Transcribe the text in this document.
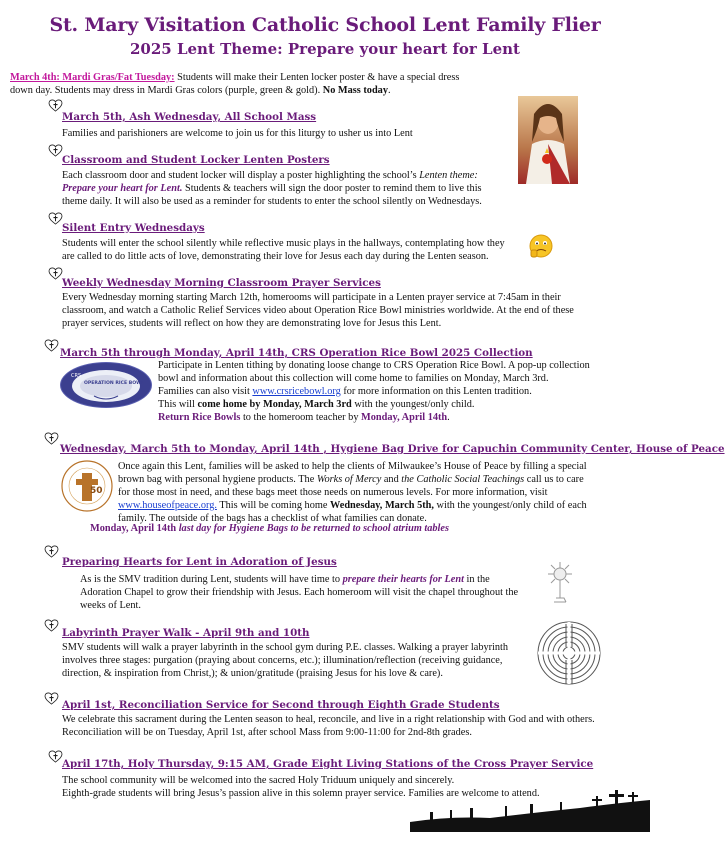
St. Mary Visitation Catholic School Lent Family Flier
2025 Lent Theme: Prepare your heart for Lent
March 4th: Mardi Gras/Fat Tuesday: Students will make their Lenten locker poster & have a special dress
down day. Students may dress in Mardi Gras colors (purple, green & gold). No Mass today.
March 5th, Ash Wednesday, All School Mass
Families and parishioners are welcome to join us for this liturgy to usher us into Lent
Classroom and Student Locker Lenten Posters
Each classroom door and student locker will display a poster highlighting the school’s Lenten theme:
Prepare your heart for Lent. Students & teachers will sign the door poster to remind them to live this
theme daily. It will also be used as a reminder for students to enter the school silently on Wednesdays.
Silent Entry Wednesdays
Students will enter the school silently while reflective music plays in the hallways, contemplating how they
are called to do little acts of love, demonstrating their love for Jesus each day during the Lenten season.
Weekly Wednesday Morning Classroom Prayer Services
Every Wednesday morning starting March 12th, homerooms will participate in a Lenten prayer service at 7:45am in their
classroom, and watch a Catholic Relief Services video about Operation Rice Bowl ministries worldwide. At the end of these
prayer services, students will reflect on how they are demonstrating love for Jesus this Lent.
March 5th through Monday, April 14th, CRS Operation Rice Bowl 2025 Collection
CRS
OPERATION RICE BOWL
Participate in Lenten tithing by donating loose change to CRS Operation Rice Bowl. A pop-up collection
bowl and information about this collection will come home to families on Monday, March 3rd.
Families can also visit www.crsricebowl.org for more information on this Lenten tradition.
This will come home by Monday, March 3rd with the youngest/only child.
Return Rice Bowls to the homeroom teacher by Monday, April 14th.
Wednesday, March 5th to Monday, April 14th , Hygiene Bag Drive for Capuchin Community Center, House of Peace
50
Once again this Lent, families will be asked to help the clients of Milwaukee’s House of Peace by filling a special
brown bag with personal hygiene products. The Works of Mercy and the Catholic Social Teachings call us to care
for those most in need, and these bags meet those needs on numerous levels. For more information, visit
www.houseofpeace.org. This will be coming home Wednesday, March 5th, with the youngest/only child of each
family. The outside of the bags has a checklist of what families can donate.
Monday, April 14th last day for Hygiene Bags to be returned to school atrium tables
Preparing Hearts for Lent in Adoration of Jesus
As is the SMV tradition during Lent, students will have time to prepare their hearts for Lent in the
Adoration Chapel to grow their friendship with Jesus. Each homeroom will visit the chapel throughout the
weeks of Lent.
Labyrinth Prayer Walk - April 9th and 10th
SMV students will walk a prayer labyrinth in the school gym during P.E. classes. Walking a prayer labyrinth
involves three stages: purgation (praying about concerns, etc.); illumination/reflection (receiving guidance,
direction, & inspiration from Christ,); & union/gratitude (praising Jesus for his love & care).
April 1st, Reconciliation Service for Second through Eighth Grade Students
We celebrate this sacrament during the Lenten season to heal, reconcile, and live in a right relationship with God and with others.
Reconciliation will be on Tuesday, April 1st, after school Mass from 9:00-11:00 for 2nd-8th grades.
April 17th, Holy Thursday, 9:15 AM, Grade Eight Living Stations of the Cross Prayer Service
The school community will be welcomed into the sacred Holy Triduum uniquely and sincerely.
Eighth-grade students will bring Jesus’s passion alive in this solemn prayer service. Families are welcome to attend.
